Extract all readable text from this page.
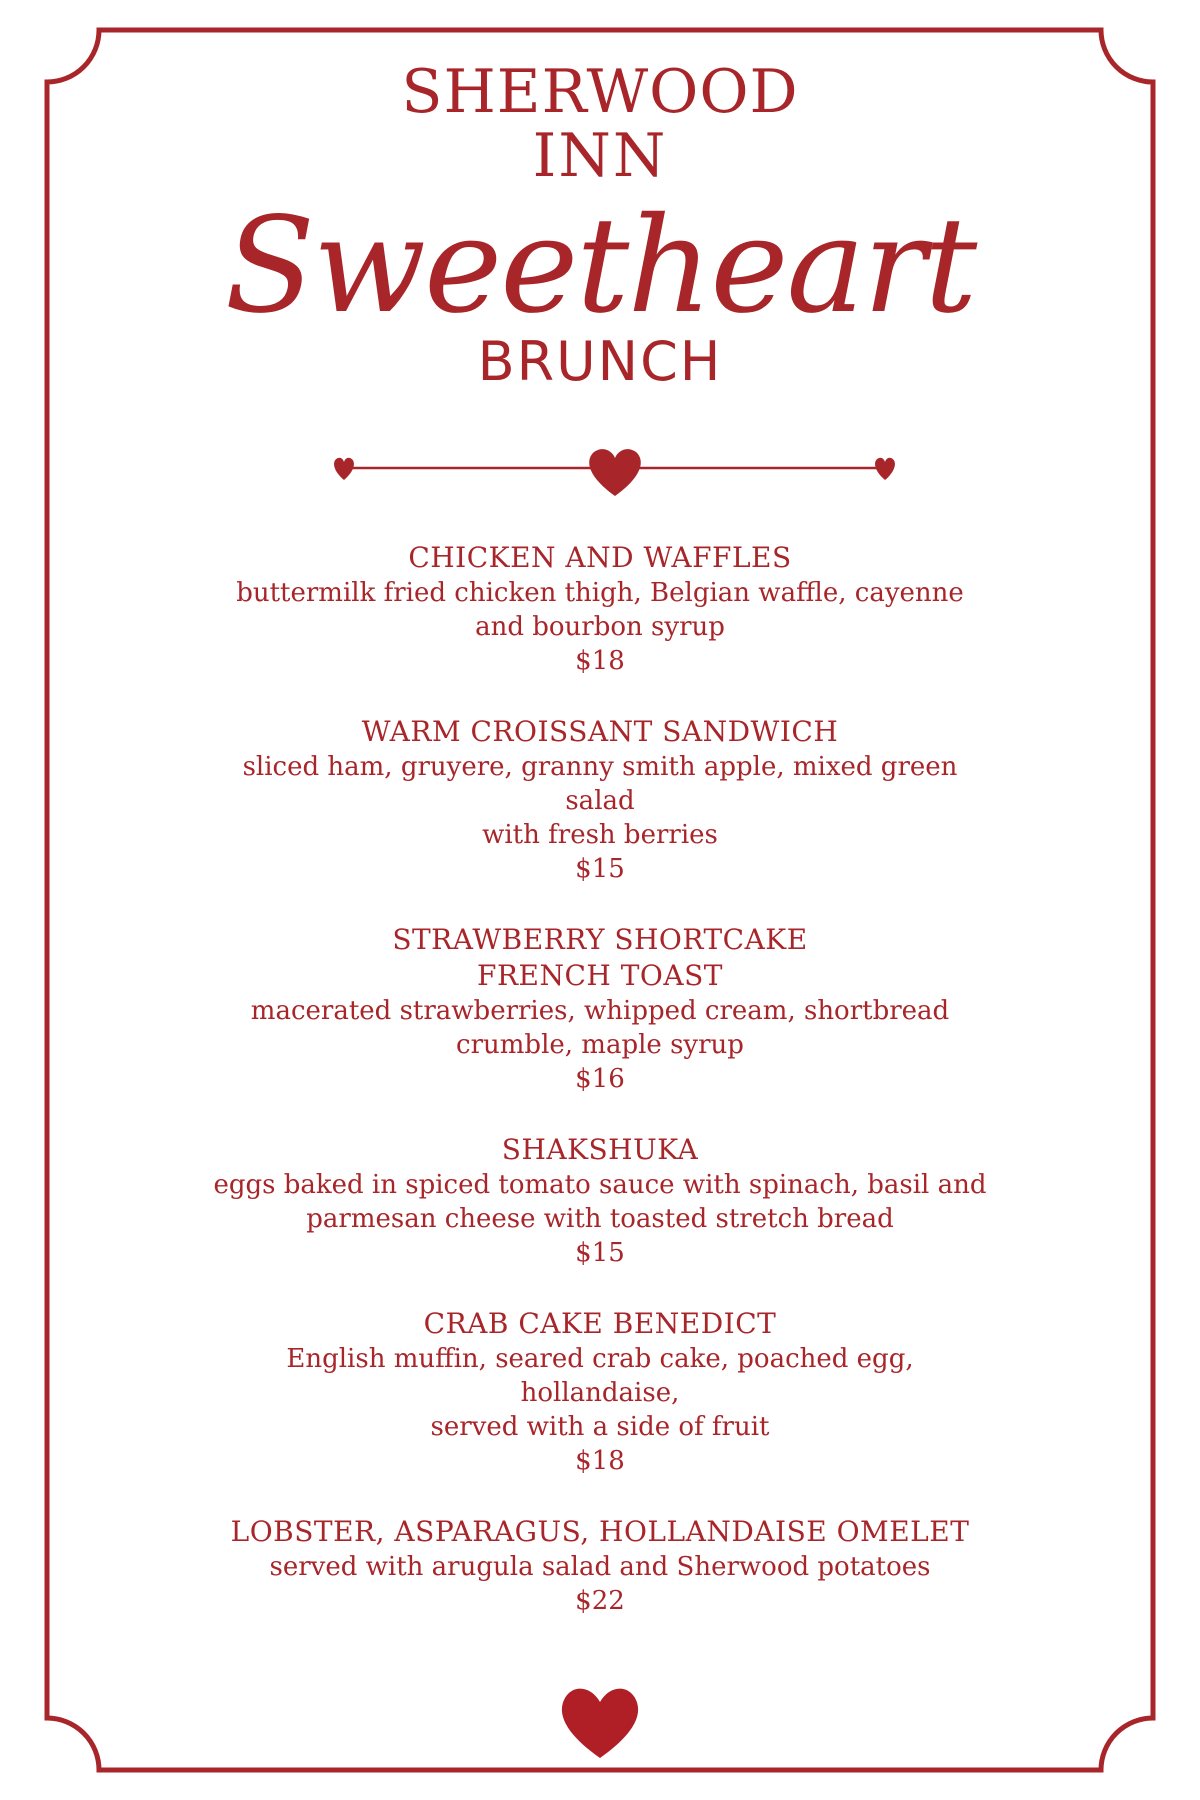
SHERWOOD
INN
Sweetheart
BRUNCH
CHICKEN AND WAFFLES
buttermilk fried chicken thigh, Belgian waffle, cayenne
and bourbon syrup
$18
WARM CROISSANT SANDWICH
sliced ham, gruyere, granny smith apple, mixed green
salad
with fresh berries
$15
STRAWBERRY SHORTCAKE
FRENCH TOAST
macerated strawberries, whipped cream, shortbread
crumble, maple syrup
$16
SHAKSHUKA
eggs baked in spiced tomato sauce with spinach, basil and
parmesan cheese with toasted stretch bread
$15
CRAB CAKE BENEDICT
English muffin, seared crab cake, poached egg,
hollandaise,
served with a side of fruit
$18
LOBSTER, ASPARAGUS, HOLLANDAISE OMELET
served with arugula salad and Sherwood potatoes
$22
